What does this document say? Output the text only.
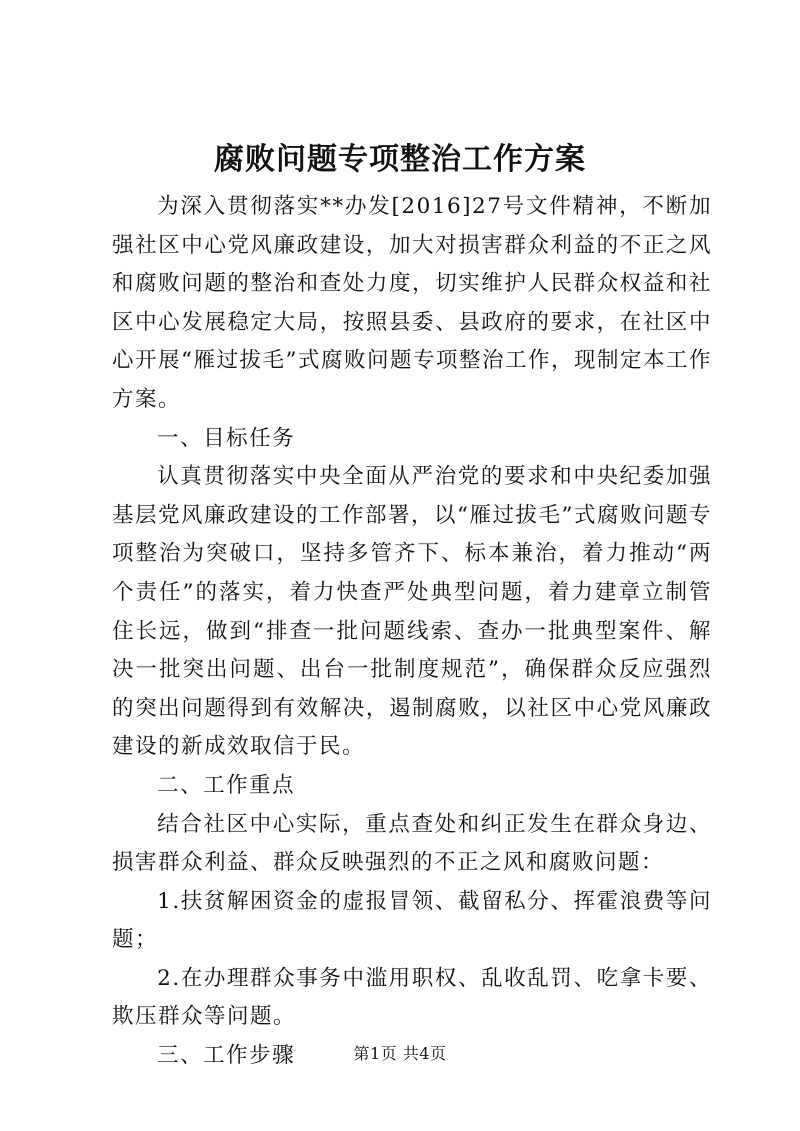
腐败问题专项整治工作方案

为深入贯彻落实**办发[2016]27号文件精神，不断加强社区中心党风廉政建设，加大对损害群众利益的不正之风和腐败问题的整治和查处力度，切实维护人民群众权益和社区中心发展稳定大局，按照县委、县政府的要求，在社区中心开展“雁过拔毛”式腐败问题专项整治工作，现制定本工作方案。

一、目标任务

认真贯彻落实中央全面从严治党的要求和中央纪委加强基层党风廉政建设的工作部署，以“雁过拔毛”式腐败问题专项整治为突破口，坚持多管齐下、标本兼治，着力推动“两个责任”的落实，着力快查严处典型问题，着力建章立制管住长远，做到“排查一批问题线索、查办一批典型案件、解决一批突出问题、出台一批制度规范”，确保群众反应强烈的突出问题得到有效解决，遏制腐败，以社区中心党风廉政建设的新成效取信于民。

二、工作重点

结合社区中心实际，重点查处和纠正发生在群众身边、损害群众利益、群众反映强烈的不正之风和腐败问题：

1.扶贫解困资金的虚报冒领、截留私分、挥霍浪费等问题；

2.在办理群众事务中滥用职权、乱收乱罚、吃拿卡要、欺压群众等问题。

三、工作步骤	第1页 共4页
